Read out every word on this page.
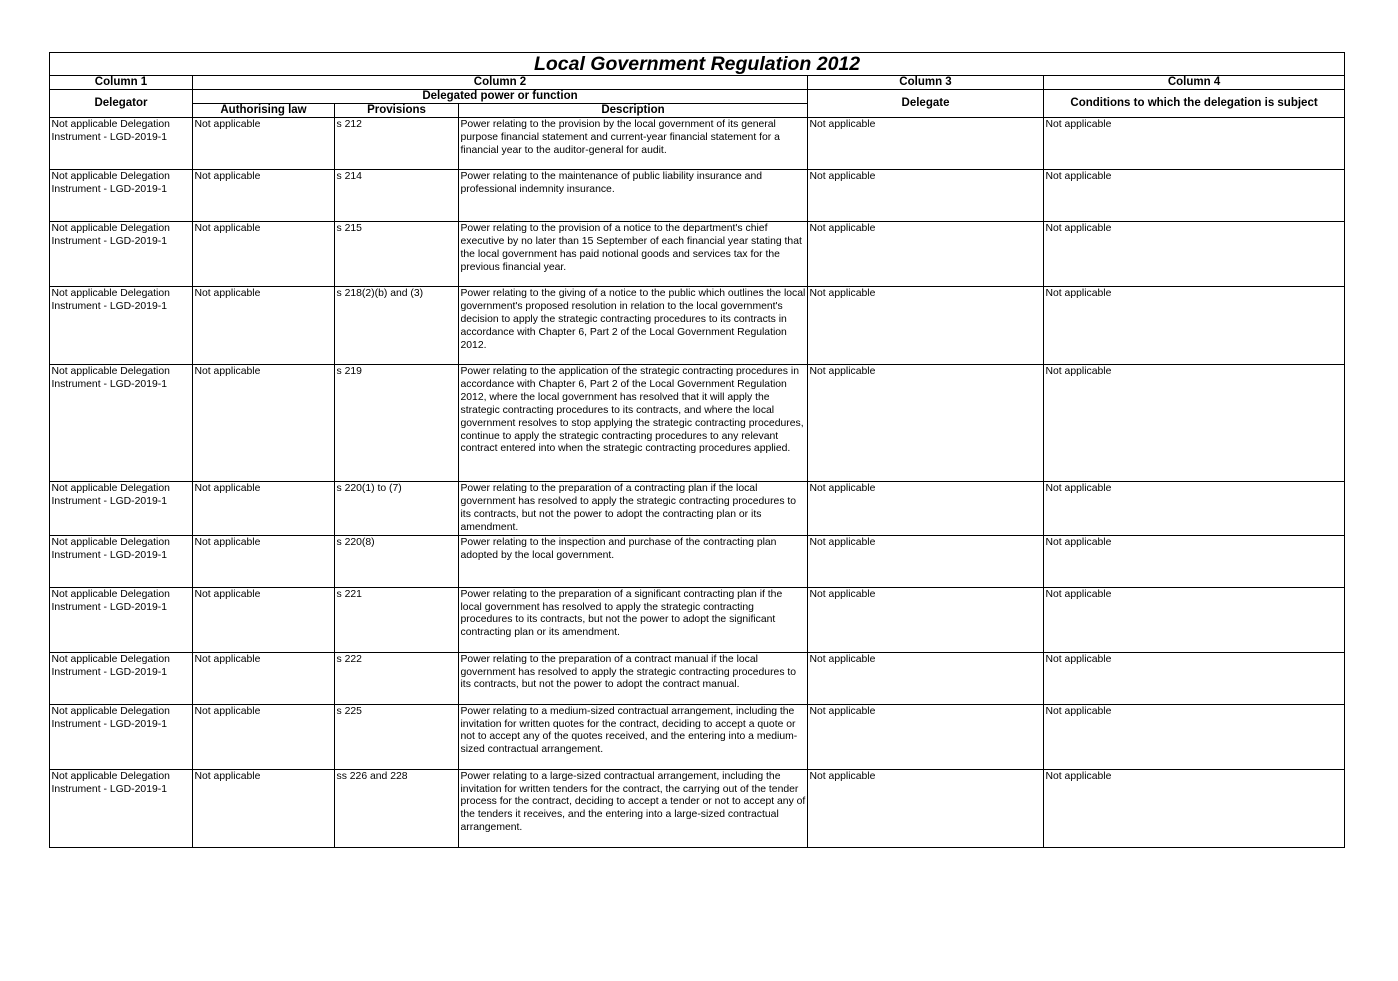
Local Government Regulation 2012					
Column 1	Column 2			Column 3	Column 4
Delegator	Delegated power or function			Delegate	Conditions to which the delegation is subject
	Authorising law	Provisions	Description		
Not applicable Delegation Instrument - LGD-2019-1	Not applicable	s 212	Power relating to the provision by the local government of its general purpose financial statement and current-year financial statement for a financial year to the auditor-general for audit.	Not applicable	Not applicable
Not applicable Delegation Instrument - LGD-2019-1	Not applicable	s 214	Power relating to the maintenance of public liability insurance and professional indemnity insurance.	Not applicable	Not applicable
Not applicable Delegation Instrument - LGD-2019-1	Not applicable	s 215	Power relating to the provision of a notice to the department's chief executive by no later than 15 September of each financial year stating that the local government has paid notional goods and services tax for the previous financial year.	Not applicable	Not applicable
Not applicable Delegation Instrument - LGD-2019-1	Not applicable	s 218(2)(b) and (3)	Power relating to the giving of a notice to the public which outlines the local government's proposed resolution in relation to the local government's decision to apply the strategic contracting procedures to its contracts in accordance with Chapter 6, Part 2 of the Local Government Regulation 2012.	Not applicable	Not applicable
Not applicable Delegation Instrument - LGD-2019-1	Not applicable	s 219	Power relating to the application of the strategic contracting procedures in accordance with Chapter 6, Part 2 of the Local Government Regulation 2012, where the local government has resolved that it will apply the strategic contracting procedures to its contracts, and where the local government resolves to stop applying the strategic contracting procedures, continue to apply the strategic contracting procedures to any relevant contract entered into when the strategic contracting procedures applied.	Not applicable	Not applicable
Not applicable Delegation Instrument - LGD-2019-1	Not applicable	s 220(1) to (7)	Power relating to the preparation of a contracting plan if the local government has resolved to apply the strategic contracting procedures to its contracts, but not the power to adopt the contracting plan or its amendment.	Not applicable	Not applicable
Not applicable Delegation Instrument - LGD-2019-1	Not applicable	s 220(8)	Power relating to the inspection and purchase of the contracting plan adopted by the local government.	Not applicable	Not applicable
Not applicable Delegation Instrument - LGD-2019-1	Not applicable	s 221	Power relating to the preparation of a significant contracting plan if the local government has resolved to apply the strategic contracting procedures to its contracts, but not the power to adopt the significant contracting plan or its amendment.	Not applicable	Not applicable
Not applicable Delegation Instrument - LGD-2019-1	Not applicable	s 222	Power relating to the preparation of a contract manual if the local government has resolved to apply the strategic contracting procedures to its contracts, but not the power to adopt the contract manual.	Not applicable	Not applicable
Not applicable Delegation Instrument - LGD-2019-1	Not applicable	s 225	Power relating to a medium-sized contractual arrangement, including the invitation for written quotes for the contract, deciding to accept a quote or not to accept any of the quotes received, and the entering into a medium-sized contractual arrangement.	Not applicable	Not applicable
Not applicable Delegation Instrument - LGD-2019-1	Not applicable	ss 226 and 228	Power relating to a large-sized contractual arrangement, including the invitation for written tenders for the contract, the carrying out of the tender process for the contract, deciding to accept a tender or not to accept any of the tenders it receives, and the entering into a large-sized contractual arrangement.	Not applicable	Not applicable
